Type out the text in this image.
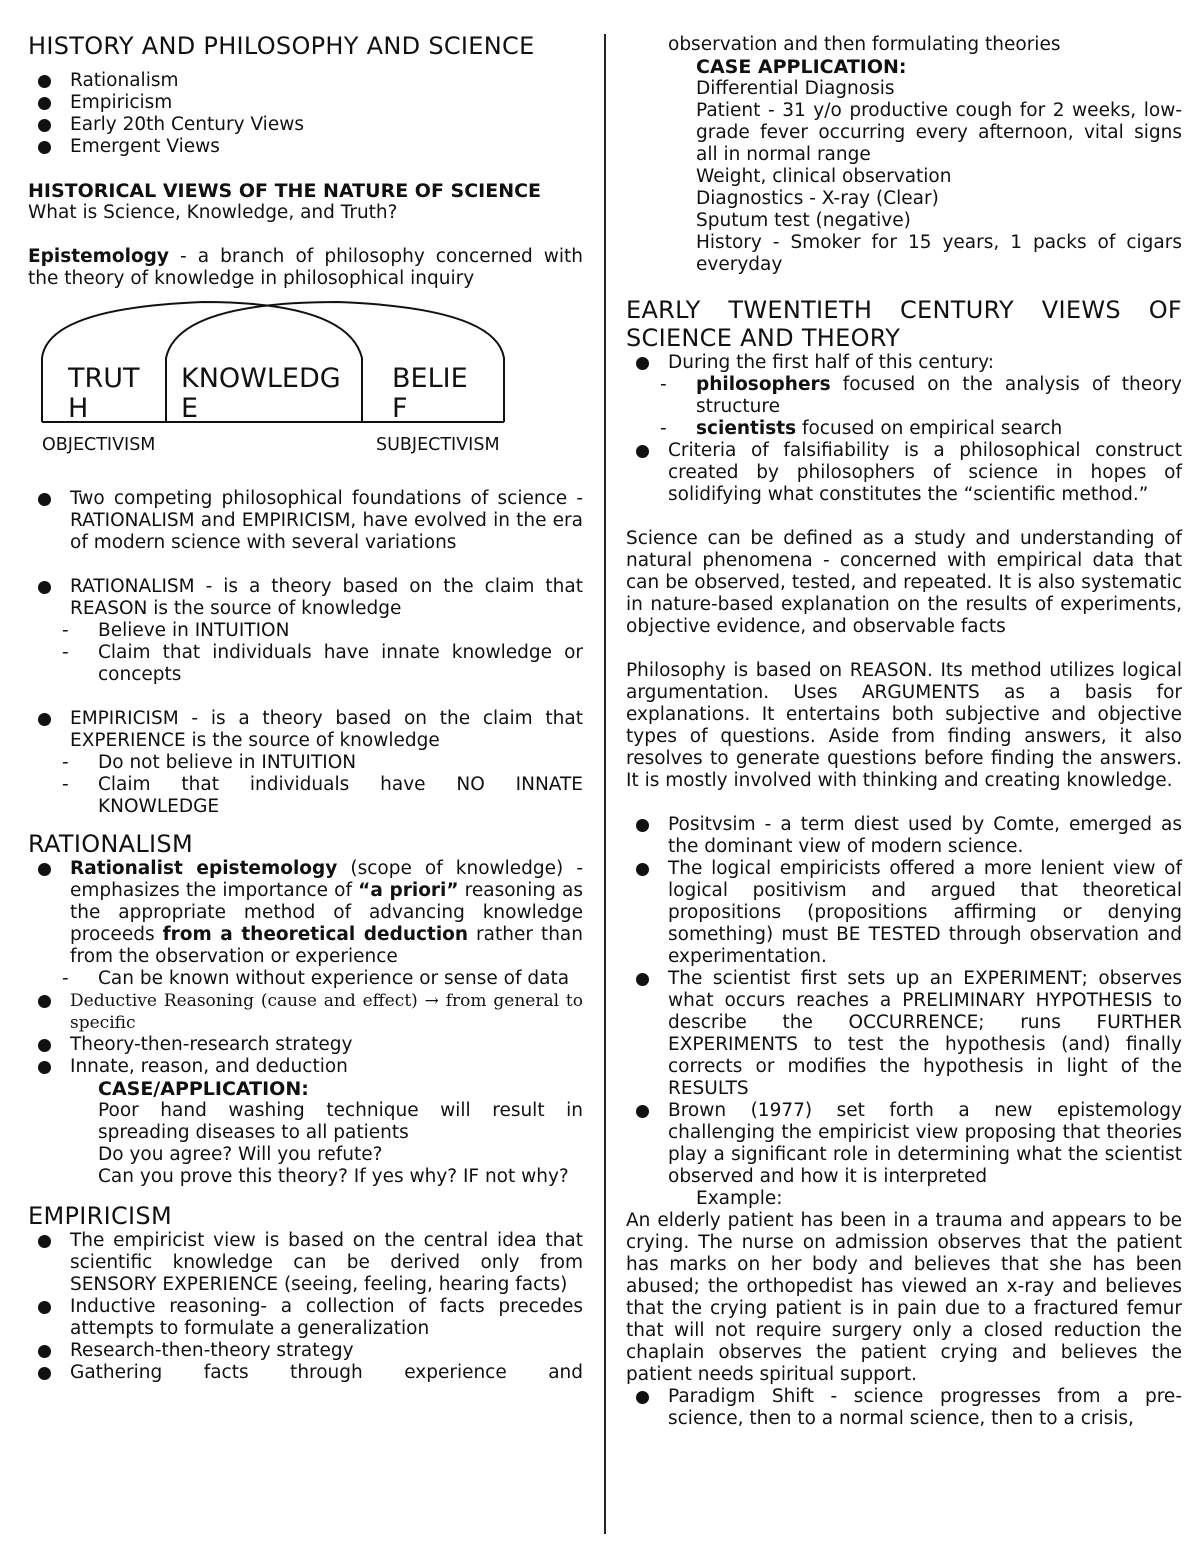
HISTORY AND PHILOSOPHY AND SCIENCE
Rationalism
Empiricism
Early 20th Century Views
Emergent Views
HISTORICAL VIEWS OF THE NATURE OF SCIENCE

What is Science, Knowledge, and Truth?

Epistemology - a branch of philosophy concerned with the theory of knowledge in philosophical inquiry

TRUTH
KNOWLEDGE
BELIEF
OBJECTIVISM	SUBJECTIVISM
Two competing philosophical foundations of science - RATIONALISM and EMPIRICISM, have evolved in the era of modern science with several variations
RATIONALISM - is a theory based on the claim that REASON is the source of knowledge
- Believe in INTUITION
- Claim that individuals have innate knowledge or concepts
EMPIRICISM - is a theory based on the claim that EXPERIENCE is the source of knowledge
- Do not believe in INTUITION
- Claim that individuals have NO INNATE KNOWLEDGE
RATIONALISM
Rationalist epistemology (scope of knowledge) - emphasizes the importance of “a priori” reasoning as the appropriate method of advancing knowledge proceeds from a theoretical deduction rather than from the observation or experience
- Can be known without experience or sense of data
Deductive Reasoning (cause and effect) → from general to specific
Theory-then-research strategy
Innate, reason, and deduction
CASE/APPLICATION:

Poor hand washing technique will result in spreading diseases to all patients

Do you agree? Will you refute?

Can you prove this theory? If yes why? IF not why?

EMPIRICISM
The empiricist view is based on the central idea that scientific knowledge can be derived only from SENSORY EXPERIENCE (seeing, feeling, hearing facts)
Inductive reasoning- a collection of facts precedes attempts to formulate a generalization
Research-then-theory strategy
Gathering facts through experience and

observation and then formulating theories

CASE APPLICATION:

Differential Diagnosis

Patient - 31 y/o productive cough for 2 weeks, low-grade fever occurring every afternoon, vital signs all in normal range

Weight, clinical observation

Diagnostics - X-ray (Clear)

Sputum test (negative)

History - Smoker for 15 years, 1 packs of cigars everyday

EARLY TWENTIETH CENTURY VIEWS OF SCIENCE AND THEORY
During the first half of this century:
- philosophers focused on the analysis of theory structure
- scientists focused on empirical search
Criteria of falsifiability is a philosophical construct created by philosophers of science in hopes of solidifying what constitutes the “scientific method.”

Science can be defined as a study and understanding of natural phenomena - concerned with empirical data that can be observed, tested, and repeated. It is also systematic in nature-based explanation on the results of experiments, objective evidence, and observable facts

Philosophy is based on REASON. Its method utilizes logical argumentation. Uses ARGUMENTS as a basis for explanations. It entertains both subjective and objective types of questions. Aside from finding answers, it also resolves to generate questions before finding the answers. It is mostly involved with thinking and creating knowledge.

Positvsim - a term diest used by Comte, emerged as the dominant view of modern science.
The logical empiricists offered a more lenient view of logical positivism and argued that theoretical propositions (propositions affirming or denying something) must BE TESTED through observation and experimentation.
The scientist first sets up an EXPERIMENT; observes what occurs reaches a PRELIMINARY HYPOTHESIS to describe the OCCURRENCE; runs FURTHER EXPERIMENTS to test the hypothesis (and) finally corrects or modifies the hypothesis in light of the RESULTS
Brown (1977) set forth a new epistemology challenging the empiricist view proposing that theories play a significant role in determining what the scientist observed and how it is interpreted

Example:

An elderly patient has been in a trauma and appears to be crying. The nurse on admission observes that the patient has marks on her body and believes that she has been abused; the orthopedist has viewed an x-ray and believes that the crying patient is in pain due to a fractured femur that will not require surgery only a closed reduction the chaplain observes the patient crying and believes the patient needs spiritual support.

Paradigm Shift - science progresses from a pre-science, then to a normal science, then to a crisis,
